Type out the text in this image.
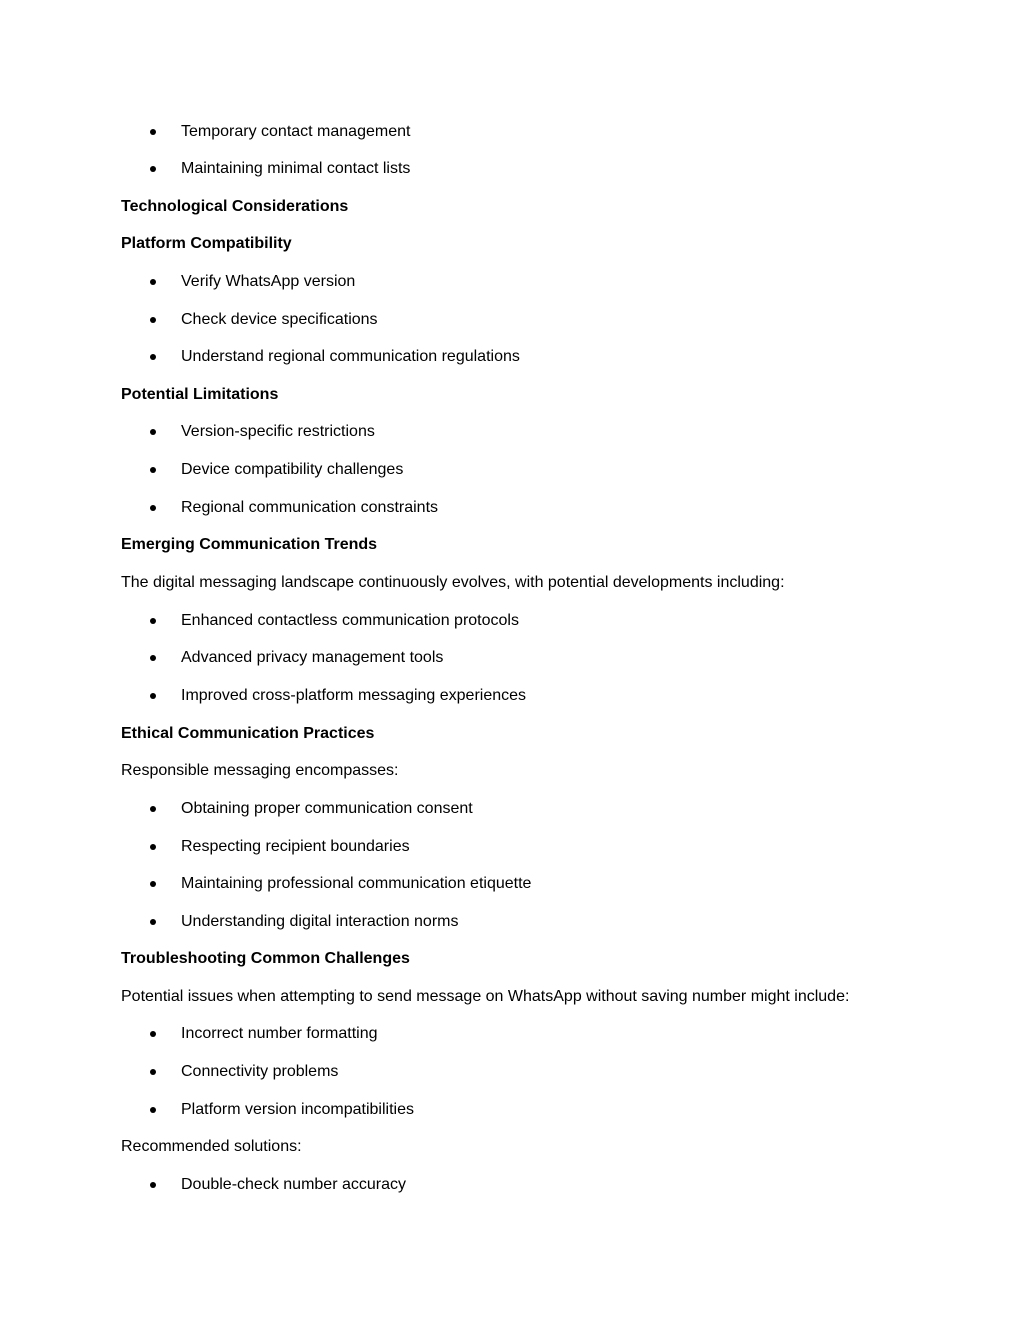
Temporary contact management
Maintaining minimal contact lists
Technological Considerations
Platform Compatibility
Verify WhatsApp version
Check device specifications
Understand regional communication regulations
Potential Limitations
Version-specific restrictions
Device compatibility challenges
Regional communication constraints
Emerging Communication Trends
The digital messaging landscape continuously evolves, with potential developments including:
Enhanced contactless communication protocols
Advanced privacy management tools
Improved cross-platform messaging experiences
Ethical Communication Practices
Responsible messaging encompasses:
Obtaining proper communication consent
Respecting recipient boundaries
Maintaining professional communication etiquette
Understanding digital interaction norms
Troubleshooting Common Challenges
Potential issues when attempting to send message on WhatsApp without saving number might include:
Incorrect number formatting
Connectivity problems
Platform version incompatibilities
Recommended solutions:
Double-check number accuracy
